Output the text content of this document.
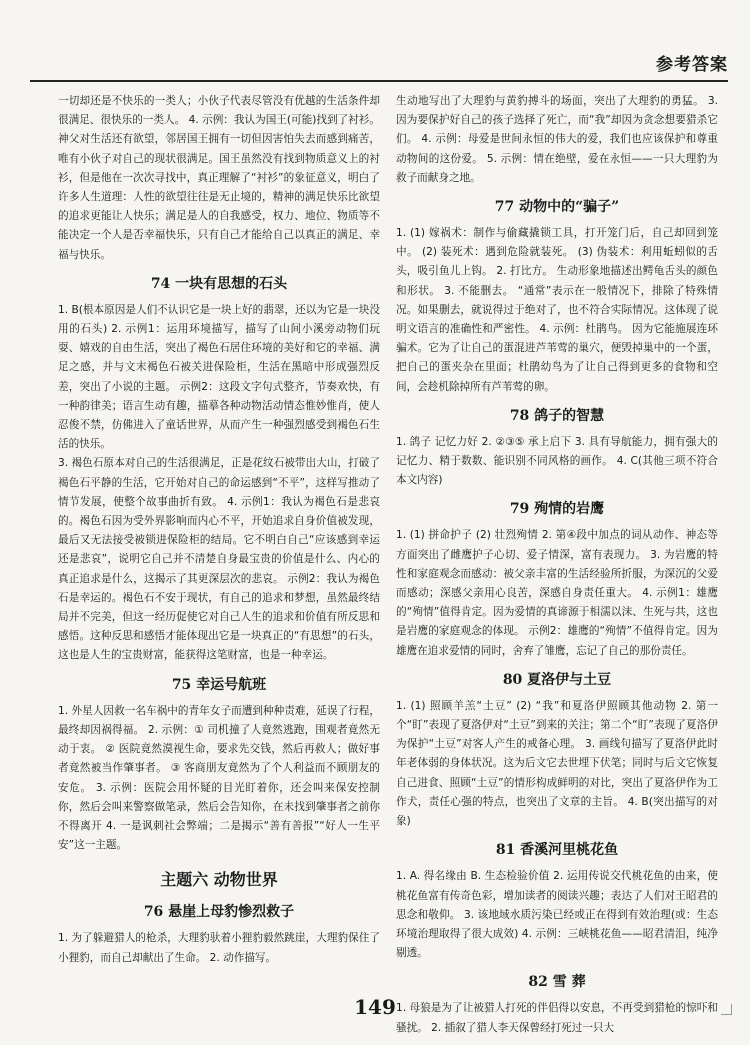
参考答案

一切却还是不快乐的一类人；小伙子代表尽管没有优越的生活条件却很满足、很快乐的一类人。 4. 示例：我认为国王(可能)找到了衬衫。 神父对生活还有欲望，邻居国王拥有一切但因害怕失去而感到痛苦，唯有小伙子对自己的现状很满足。国王虽然没有找到物质意义上的衬衫，但是他在一次次寻找中，真正理解了“衬衫”的象征意义，明白了许多人生道理：人性的欲望往往是无止境的，精神的满足快乐比欲望的追求更能让人快乐；满足是人的自我感受，权力、地位、物质等不能决定一个人是否幸福快乐，只有自己才能给自己以真正的满足、幸福与快乐。

74 一块有思想的石头

1. B(根本原因是人们不认识它是一块上好的翡翠，还以为它是一块没用的石头) 2. 示例1：运用环境描写，描写了山间小溪旁动物们玩耍、嬉戏的自由生活，突出了褐色石居住环境的美好和它的幸福、满足之感，并与文末褐色石被关进保险柜，生活在黑暗中形成强烈反差，突出了小说的主题。 示例2：这段文字句式整齐，节奏欢快，有一种韵律美；语言生动有趣，描摹各种动物活动情态惟妙惟肖，使人忍俊不禁，仿佛进入了童话世界，从而产生一种强烈感受到褐色石生活的快乐。

3. 褐色石原本对自己的生活很满足，正是花纹石被带出大山，打破了褐色石平静的生活，它开始对自己的命运感到“不平”，这样写推动了情节发展，使整个故事曲折有致。 4. 示例1：我认为褐色石是悲哀的。褐色石因为受外界影响而内心不平，开始追求自身价值被发现，最后又无法接受被锁进保险柜的结局。它不明白自己“应该感到幸运还是悲哀”，说明它自己并不清楚自身最宝贵的价值是什么、内心的真正追求是什么，这揭示了其更深层次的悲哀。 示例2：我认为褐色石是幸运的。褐色石不安于现状，有自己的追求和梦想，虽然最终结局并不完美，但这一经历促使它对自己人生的追求和价值有所反思和感悟。这种反思和感悟才能体现出它是一块真正的“有思想”的石头，这也是人生的宝贵财富，能获得这笔财富，也是一种幸运。

75 幸运号航班

1. 外星人因救一名车祸中的青年女子而遭到种种责难，延误了行程，最终却因祸得福。 2. 示例：① 司机撞了人竟然逃跑，围观者竟然无动于衷。 ② 医院竟然漠视生命，要求先交钱，然后再救人；做好事者竟然被当作肇事者。 ③ 客商朋友竟然为了个人利益而不顾朋友的安危。 3. 示例：医院会用怀疑的目光盯着你，还会叫来保安控制你，然后会叫来警察做笔录，然后会告知你，在未找到肇事者之前你不得离开 4. 一是讽刺社会弊端；二是揭示“善有善报”“好人一生平安”这一主题。

主题六 动物世界
76 悬崖上母豹惨烈救子

1. 为了躲避猎人的枪杀，大理豹驮着小狸豹毅然跳崖，大理豹保住了小狸豹，而自己却献出了生命。 2. 动作描写。

生动地写出了大理豹与黄豹搏斗的场面，突出了大理豹的勇猛。 3. 因为要保护好自己的孩子选择了死亡，而“我”却因为贪念想要猎杀它们。 4. 示例：母爱是世间永恒的伟大的爱，我们也应该保护和尊重动物间的这份爱。 5. 示例：情在绝壁，爱在永恒——一只大理豹为救子而献身之地。

77 动物中的“骗子”

1. (1) 嫁祸术：制作与偷藏撬锁工具，打开笼门后，自己却回到笼中。 (2) 装死术：遇到危险就装死。 (3) 伪装术：利用蚯蚓似的舌头，吸引鱼儿上钩。 2. 打比方。 生动形象地描述出鳄龟舌头的颜色和形状。 3. 不能删去。 “通常”表示在一般情况下，排除了特殊情况。如果删去，就说得过于绝对了，也不符合实际情况。这体现了说明文语言的准确性和严密性。 4. 示例：杜鹃鸟。 因为它能施展连环骗术。它为了让自己的蛋混进芦苇莺的巢穴，便毁掉巢中的一个蛋，把自己的蛋夹杂在里面；杜鹃幼鸟为了让自己得到更多的食物和空间，会趁机除掉所有芦苇莺的卵。

78 鸽子的智慧

1. 鸽子 记忆力好 2. ②③⑤ 承上启下 3. 具有导航能力，拥有强大的记忆力、精于数数、能识别不同风格的画作。 4. C(其他三项不符合本文内容)

79 殉情的岩鹰

1. (1) 拼命护子 (2) 壮烈殉情 2. 第④段中加点的词从动作、神态等方面突出了雌鹰护子心切、爱子情深，富有表现力。 3. 为岩鹰的特性和家庭观念而感动：被父亲丰富的生活经验所折服，为深沉的父爱而感动；深感父亲用心良苦，深感自身责任重大。 4. 示例1：雄鹰的“殉情”值得肯定。因为爱情的真谛源于相濡以沫、生死与共，这也是岩鹰的家庭观念的体现。 示例2：雄鹰的“殉情”不值得肯定。因为雄鹰在追求爱情的同时，舍弃了雏鹰，忘记了自己的那份责任。

80 夏洛伊与土豆

1. (1) 照顾羊羔“土豆” (2) “我”和夏洛伊照顾其他动物 2. 第一个“盯”表现了夏洛伊对“土豆”到来的关注；第二个“盯”表现了夏洛伊为保护“土豆”对客人产生的戒备心理。 3. 画线句描写了夏洛伊此时年老体弱的身体状况。这为后文它去世埋下伏笔；同时与后文它恢复自己进食、照顾“土豆”的情形构成鲜明的对比，突出了夏洛伊作为工作犬，责任心强的特点，也突出了文章的主旨。 4. B(突出描写的对象)

81 香溪河里桃花鱼

1. A. 得名缘由 B. 生态检验价值 2. 运用传说交代桃花鱼的由来，使桃花鱼富有传奇色彩，增加读者的阅读兴趣；表达了人们对王昭君的思念和敬仰。 3. 该地域水质污染已经或正在得到有效治理(或：生态环境治理取得了很大成效) 4. 示例：三峡桃花鱼——昭君清泪，纯净剔透。

82 雪 葬

1. 母狼是为了让被猎人打死的伴侣得以安息，不再受到猎枪的惊吓和骚扰。 2. 插叙了猎人李天保曾经打死过一只大

149
